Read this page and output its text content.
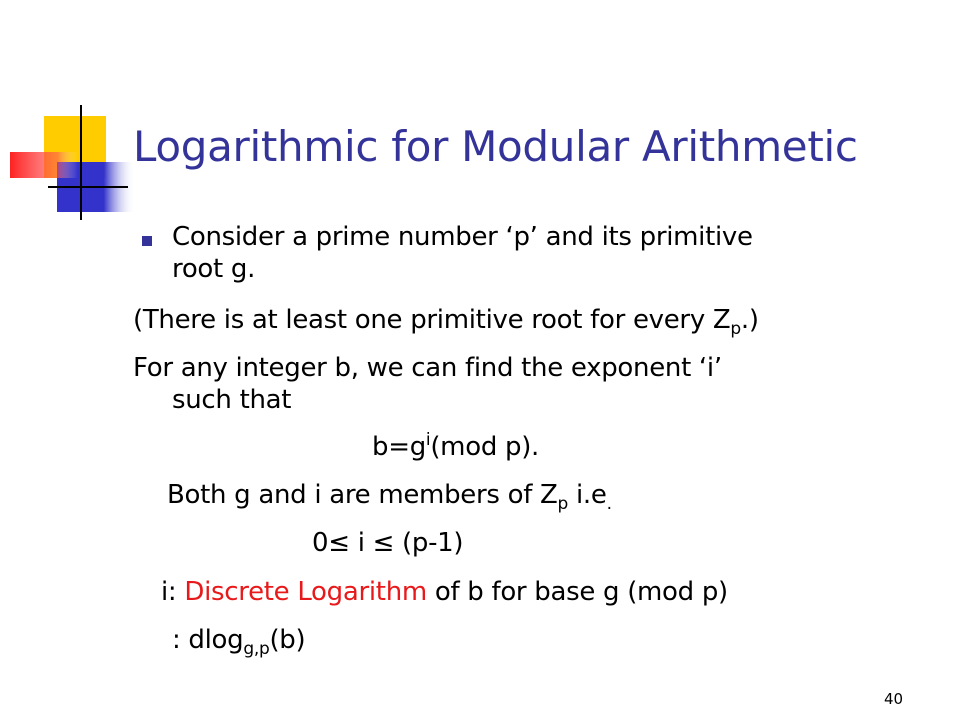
Logarithmic for Modular Arithmetic
Consider a prime number ‘p’ and its primitive
root g.
(There is at least one primitive root for every $Z_p$.)
For any integer b, we can find the exponent ‘i’
such that
$b=g^i(mod$ p).
Both g and i are members of $Z_p$ $i.e_.$
0≤ i ≤ (p-1)
i: Discrete Logarithm of b for base g (mod p)
: dlog$_{g,p}$(b)
40
